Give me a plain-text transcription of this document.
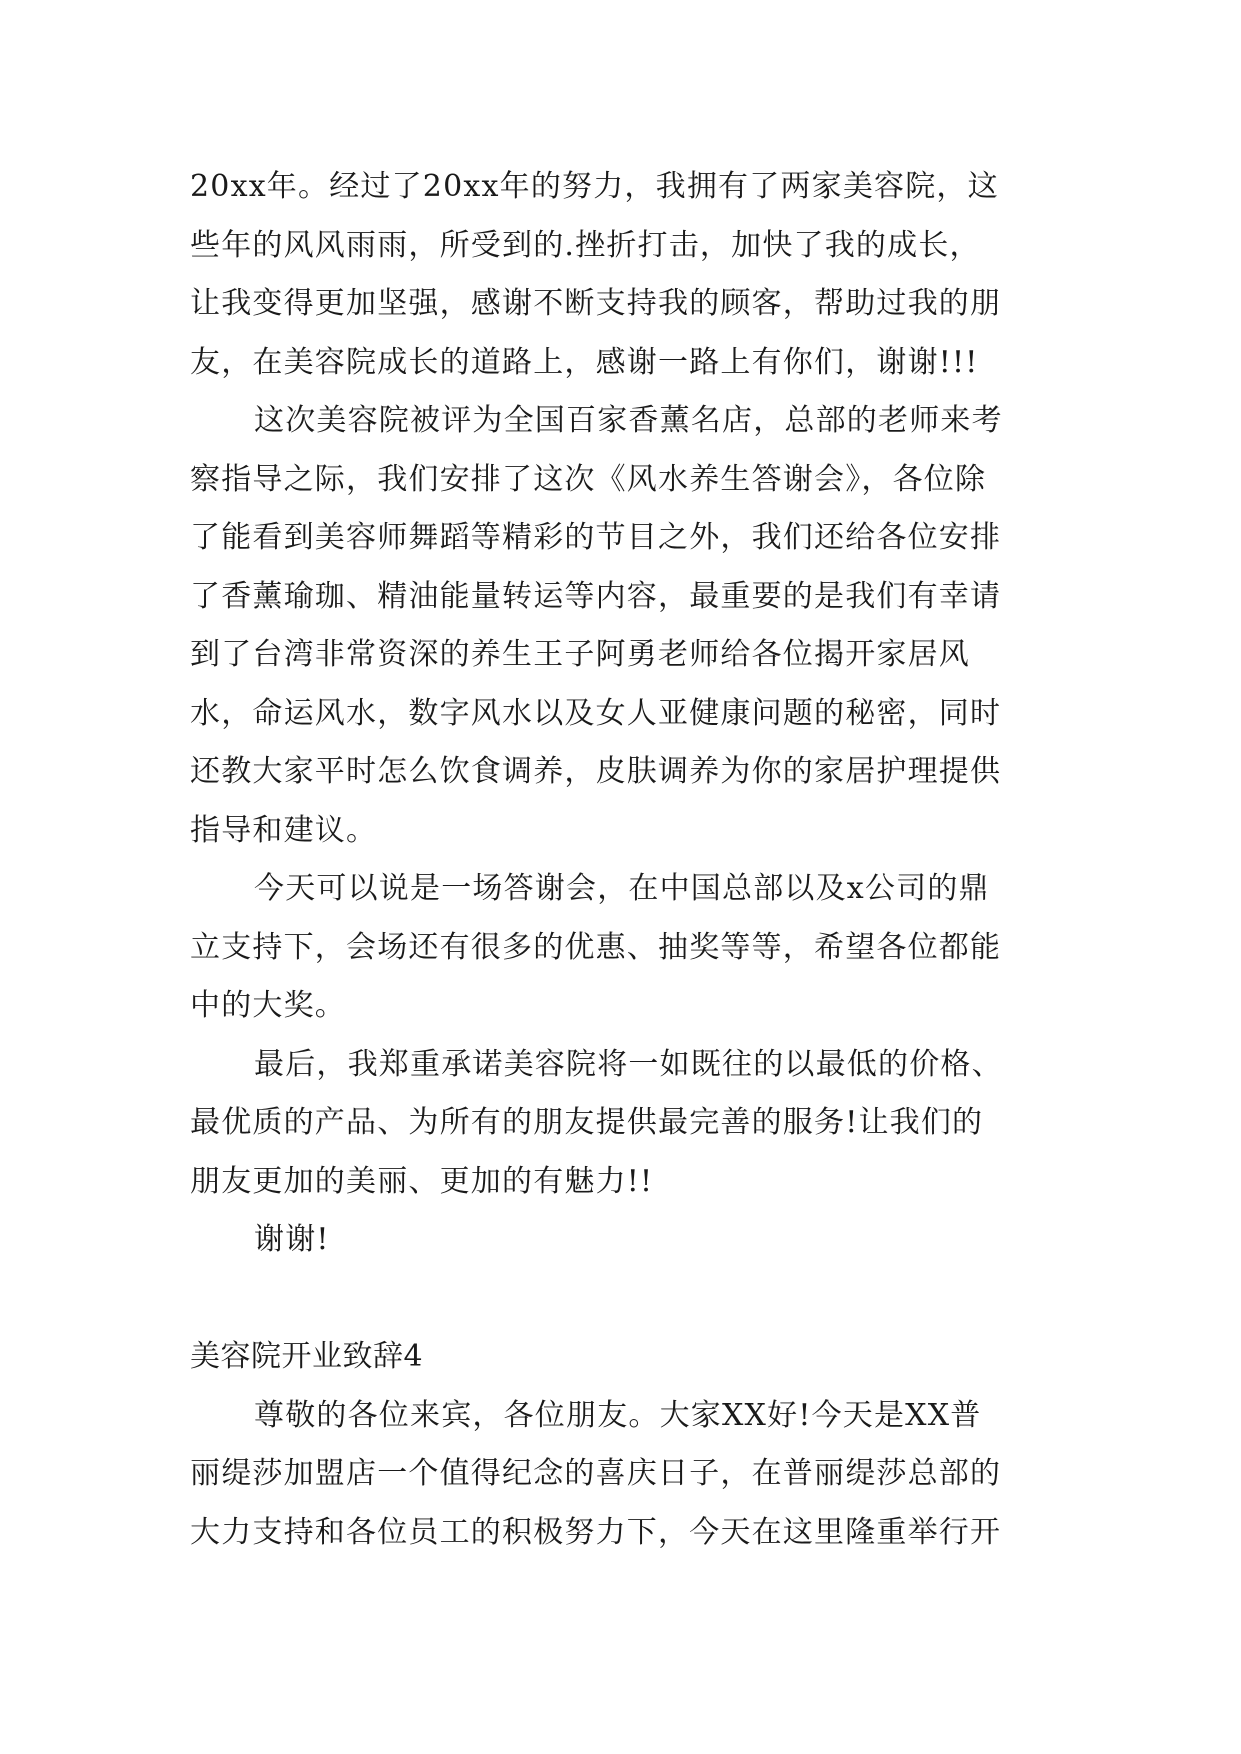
20xx年。经过了20xx年的努力，我拥有了两家美容院，这
些年的风风雨雨，所受到的.挫折打击，加快了我的成长，
让我变得更加坚强，感谢不断支持我的顾客，帮助过我的朋
友，在美容院成长的道路上，感谢一路上有你们，谢谢!!!
这次美容院被评为全国百家香薰名店，总部的老师来考
察指导之际，我们安排了这次《风水养生答谢会》，各位除
了能看到美容师舞蹈等精彩的节目之外，我们还给各位安排
了香薰瑜珈、精油能量转运等内容，最重要的是我们有幸请
到了台湾非常资深的养生王子阿勇老师给各位揭开家居风
水，命运风水，数字风水以及女人亚健康问题的秘密，同时
还教大家平时怎么饮食调养，皮肤调养为你的家居护理提供
指导和建议。
今天可以说是一场答谢会，在中国总部以及x公司的鼎
立支持下，会场还有很多的优惠、抽奖等等，希望各位都能
中的大奖。
最后，我郑重承诺美容院将一如既往的以最低的价格、
最优质的产品、为所有的朋友提供最完善的服务!让我们的
朋友更加的美丽、更加的有魅力!!
谢谢!
美容院开业致辞4
尊敬的各位来宾，各位朋友。大家XX好!今天是XX普
丽缇莎加盟店一个值得纪念的喜庆日子，在普丽缇莎总部的
大力支持和各位员工的积极努力下，今天在这里隆重举行开
